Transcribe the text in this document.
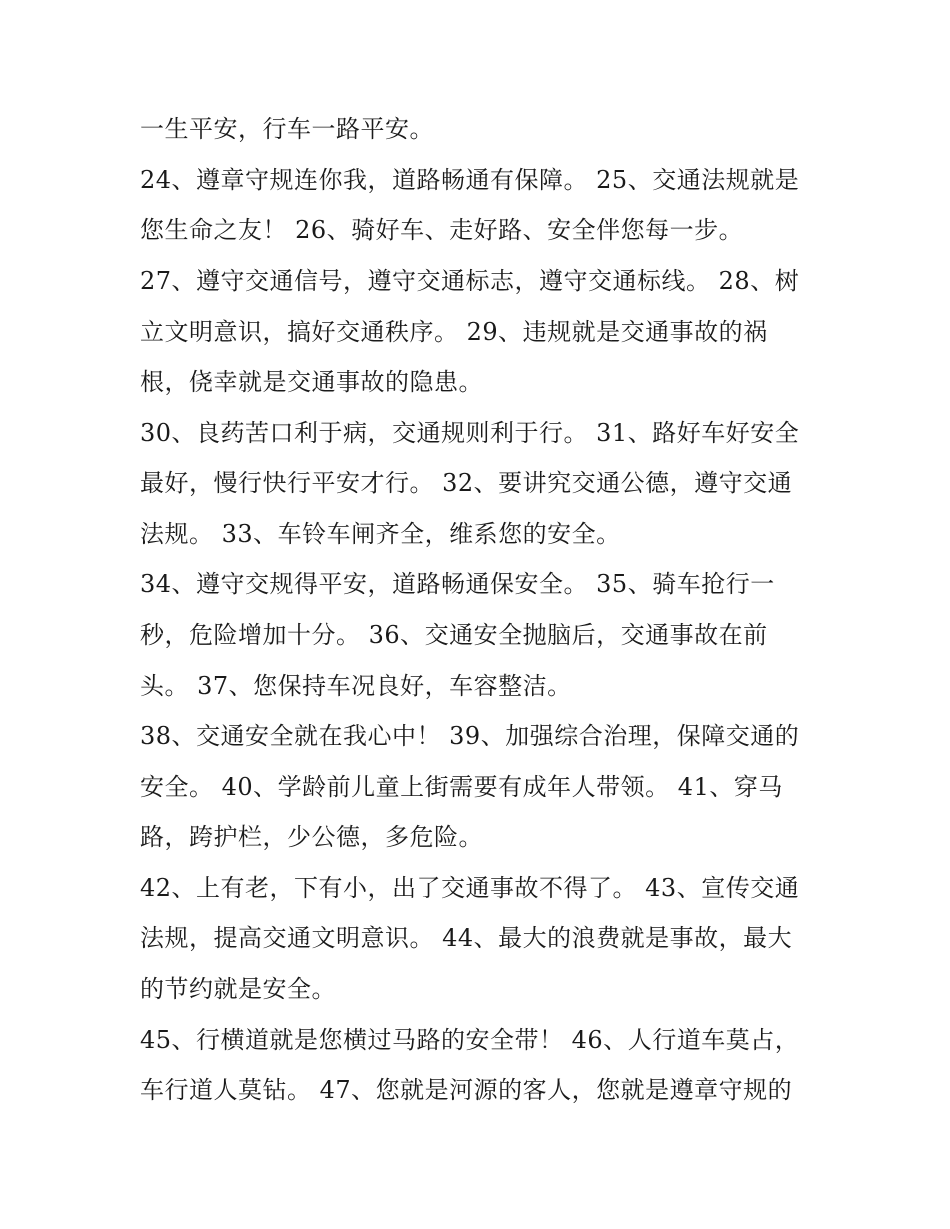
一生平安，行车一路平安。
24、遵章守规连你我，道路畅通有保障。 25、交通法规就是
您生命之友！ 26、骑好车、走好路、安全伴您每一步。
27、遵守交通信号，遵守交通标志，遵守交通标线。 28、树
立文明意识，搞好交通秩序。 29、违规就是交通事故的祸
根，侥幸就是交通事故的隐患。
30、良药苦口利于病，交通规则利于行。 31、路好车好安全
最好，慢行快行平安才行。 32、要讲究交通公德，遵守交通
法规。 33、车铃车闸齐全，维系您的安全。
34、遵守交规得平安，道路畅通保安全。 35、骑车抢行一
秒，危险增加十分。 36、交通安全抛脑后，交通事故在前
头。 37、您保持车况良好，车容整洁。
38、交通安全就在我心中！ 39、加强综合治理，保障交通的
安全。 40、学龄前儿童上街需要有成年人带领。 41、穿马
路，跨护栏，少公德，多危险。
42、上有老，下有小，出了交通事故不得了。 43、宣传交通
法规，提高交通文明意识。 44、最大的浪费就是事故，最大
的节约就是安全。
45、行横道就是您横过马路的安全带！ 46、人行道车莫占，
车行道人莫钻。 47、您就是河源的客人，您就是遵章守规的
